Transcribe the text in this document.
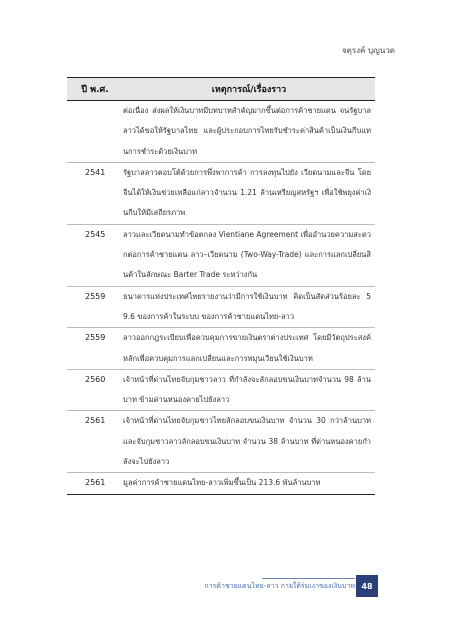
จตุรงค์ บุญนวด
ปี พ.ศ.	เหตุการณ์/เรื่องราว
ต่อเนื่อง ส่งผลให้เงินบาทมีบทบาทสำคัญมากขึ้นต่อการค้าชายแดน จนรัฐบาลลาวได้ขอให้รัฐบาลไทย และผู้ประกอบการไทยรับชำระค่าสินค้าเป็นเงินกีบแทนการชำระด้วยเงินบาท
2541	รัฐบาลลาวตอบโต้ด้วยการพึ่งพาการค้า การลงทุนไปยัง เวียดนามและจีน โดยจีนได้ให้เงินช่วยเหลือแก่ลาวจำนวน 1.21 ล้านเหรียญสหรัฐฯ เพื่อใช้พยุงค่าเงินกีบให้มีเสถียรภาพ
2545	ลาวและเวียดนามทำข้อตกลง Vientiane Agreement เพื่ออำนวยความสะดวกต่อการค้าชายแดน ลาว–เวียดนาม (Two-Way-Trade) และการแลกเปลี่ยนสินค้าในลักษณะ Barter Trade ระหว่างกัน
2559	ธนาคารแห่งประเทศไทยรายงานว่ามีการใช้เงินบาท คิดเป็นสัดส่วนร้อยละ 59.6 ของการค้าในระบบ ของการค้าชายแดนไทย-ลาว
2559	ลาวออกกฎระเบียบเพื่อควบคุมการขายเงินตราต่างประเทศ โดยมีวัตถุประสงค์หลักเพื่อควบคุมการแลกเปลี่ยนและการหมุนเวียนใช้เงินบาท
2560	เจ้าหน้าที่ด่านไทยจับกุมชาวลาว ที่กำลังจะลักลอบขนเงินบาทจำนวน 98 ล้านบาท ข้ามด่านหนองคายไปยังลาว
2561	เจ้าหน้าที่ด่านไทยจับกุมชาวไทยลักลอบขนเงินบาท จำนวน 30 กว่าล้านบาท และจับกุมชาวลาวลักลอบขนเงินบาท จำนวน 38 ล้านบาท ที่ด่านหนองคายกำลังจะไปยังลาว
2561	มูลค่าการค้าชายแดนไทย-ลาวเพิ่มขึ้นเป็น 213.6 พันล้านบาท
การค้าชายแดนไทย-ลาว กายใต้ร่มเงาของเงินบาท 48
